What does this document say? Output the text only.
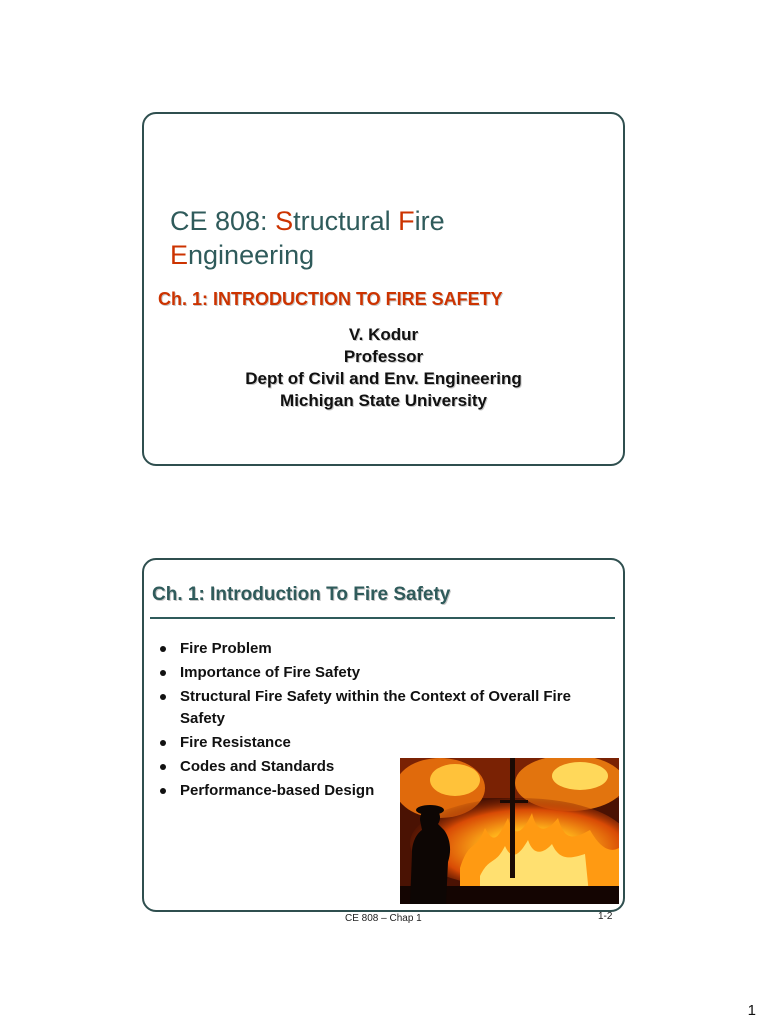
CE 808: Structural Fire
Engineering
Ch. 1: INTRODUCTION TO FIRE SAFETY
V. Kodur
Professor
Dept of Civil and Env. Engineering
Michigan State University
Ch. 1: Introduction To Fire Safety
Fire Problem
Importance of Fire Safety
Structural Fire Safety within the Context of Overall Fire Safety
Fire Resistance
Codes and Standards
Performance-based Design
CE 808 – Chap 1	1-2
1
